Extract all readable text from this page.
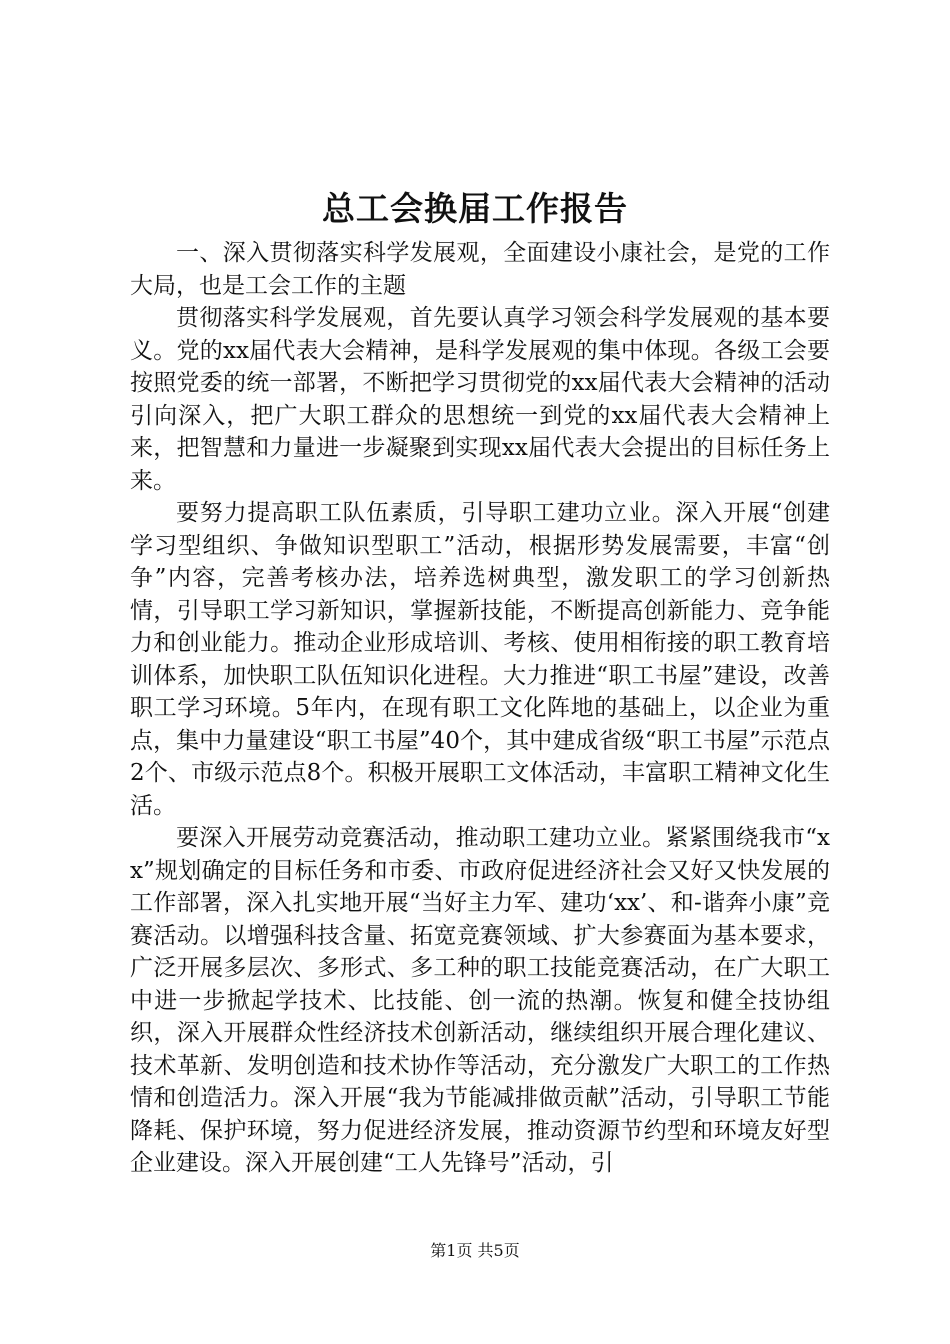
总工会换届工作报告

一、深入贯彻落实科学发展观，全面建设小康社会，是党的工作大局，也是工会工作的主题

贯彻落实科学发展观，首先要认真学习领会科学发展观的基本要义。党的xx届代表大会精神，是科学发展观的集中体现。各级工会要按照党委的统一部署，不断把学习贯彻党的xx届代表大会精神的活动引向深入，把广大职工群众的思想统一到党的xx届代表大会精神上来，把智慧和力量进一步凝聚到实现xx届代表大会提出的目标任务上来。

要努力提高职工队伍素质，引导职工建功立业。深入开展“创建学习型组织、争做知识型职工”活动，根据形势发展需要，丰富“创争”内容，完善考核办法，培养选树典型，激发职工的学习创新热情，引导职工学习新知识，掌握新技能，不断提高创新能力、竞争能力和创业能力。推动企业形成培训、考核、使用相衔接的职工教育培训体系，加快职工队伍知识化进程。大力推进“职工书屋”建设，改善职工学习环境。5年内，在现有职工文化阵地的基础上，以企业为重点，集中力量建设“职工书屋”40个，其中建成省级“职工书屋”示范点2个、市级示范点8个。积极开展职工文体活动，丰富职工精神文化生活。

要深入开展劳动竞赛活动，推动职工建功立业。紧紧围绕我市“xx”规划确定的目标任务和市委、市政府促进经济社会又好又快发展的工作部署，深入扎实地开展“当好主力军、建功‘xx’、和-谐奔小康”竞赛活动。以增强科技含量、拓宽竞赛领域、扩大参赛面为基本要求，广泛开展多层次、多形式、多工种的职工技能竞赛活动，在广大职工中进一步掀起学技术、比技能、创一流的热潮。恢复和健全技协组织，深入开展群众性经济技术创新活动，继续组织开展合理化建议、技术革新、发明创造和技术协作等活动，充分激发广大职工的工作热情和创造活力。深入开展“我为节能减排做贡献”活动，引导职工节能降耗、保护环境，努力促进经济发展，推动资源节约型和环境友好型企业建设。深入开展创建“工人先锋号”活动，引

第1页 共5页
